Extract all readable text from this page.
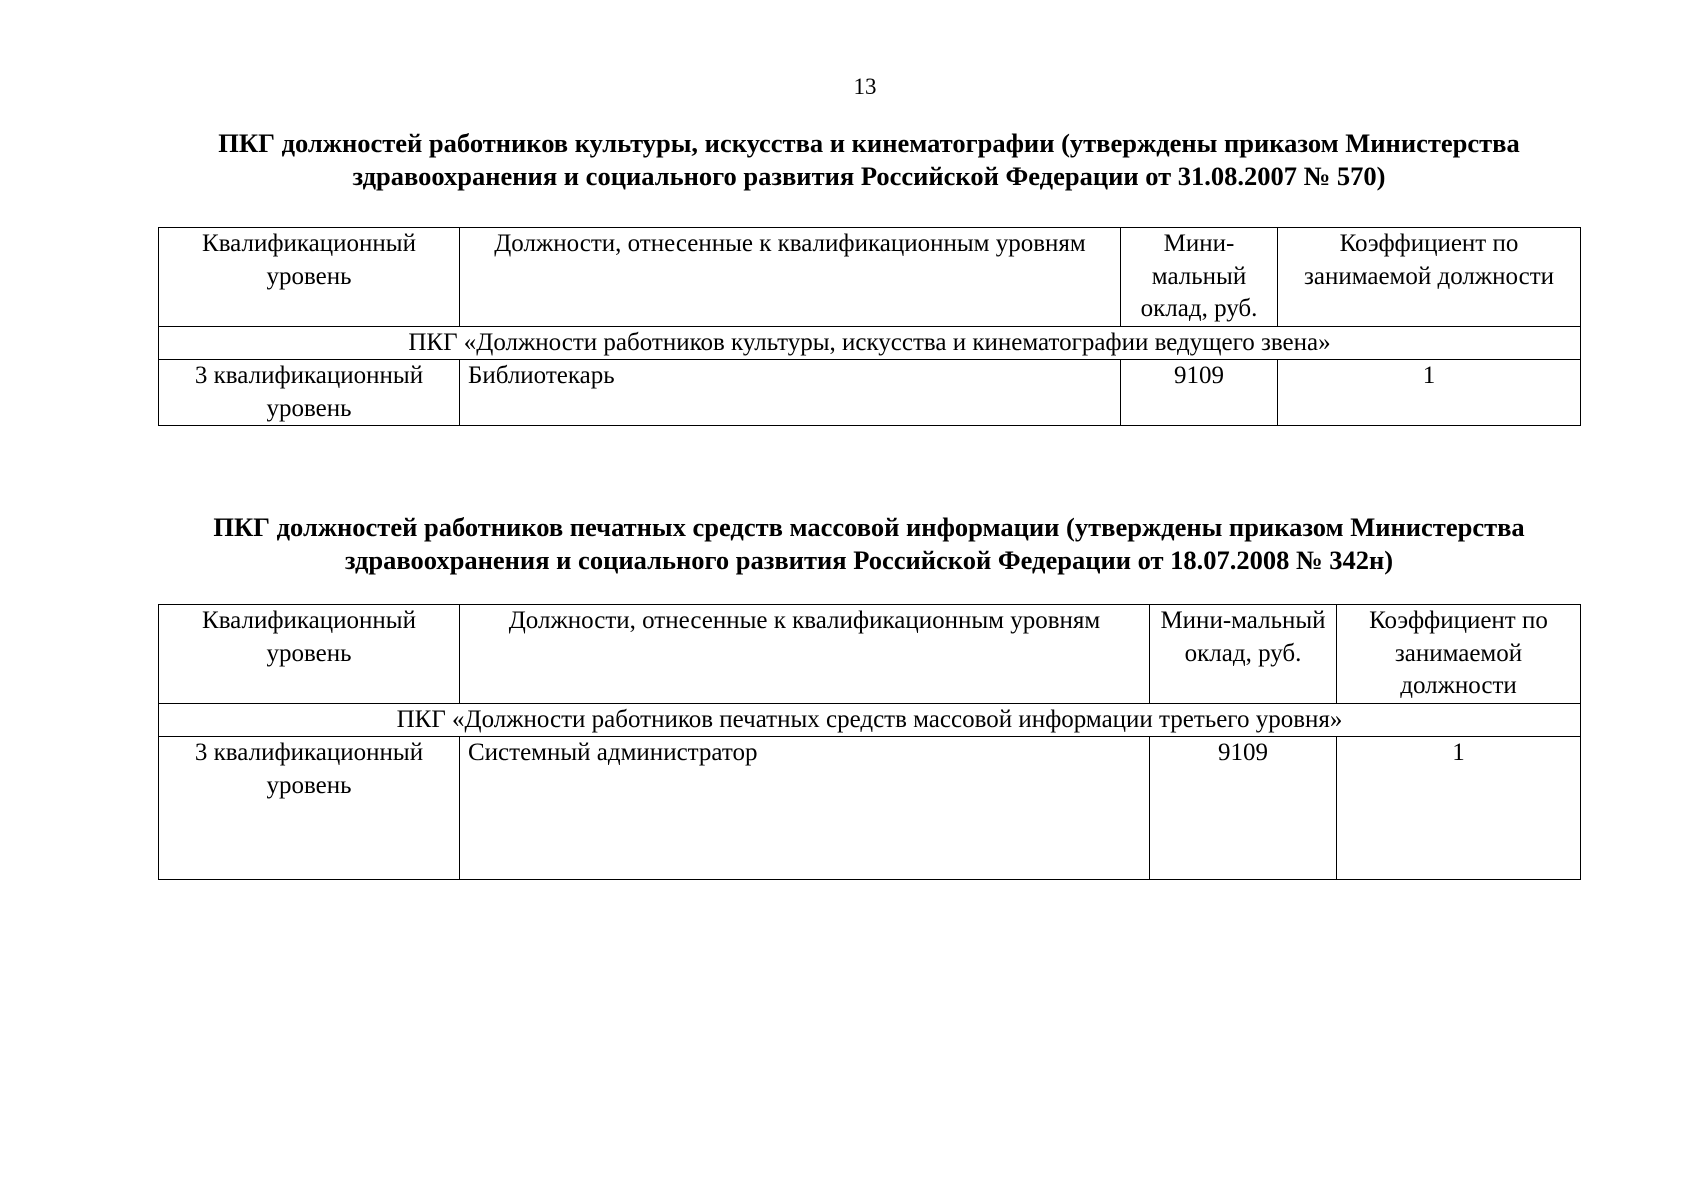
13
ПКГ должностей работников культуры, искусства и кинематографии (утверждены приказом Министерства
здравоохранения и социального развития Российской Федерации от 31.08.2007 № 570)
Квалификационный уровень	Должности, отнесенные к квалификационным уровням	Мини-мальный оклад, руб.	Коэффициент по занимаемой должности
ПКГ «Должности работников культуры, искусства и кинематографии ведущего звена»			
3 квалификационный уровень	Библиотекарь	9109	1
ПКГ должностей работников печатных средств массовой информации (утверждены приказом Министерства
здравоохранения и социального развития Российской Федерации от 18.07.2008 № 342н)
Квалификационный уровень	Должности, отнесенные к квалификационным уровням	Мини-мальный оклад, руб.	Коэффициент по занимаемой должности
ПКГ «Должности работников печатных средств массовой информации третьего уровня»			
3 квалификационный уровень	Системный администратор	9109	1
